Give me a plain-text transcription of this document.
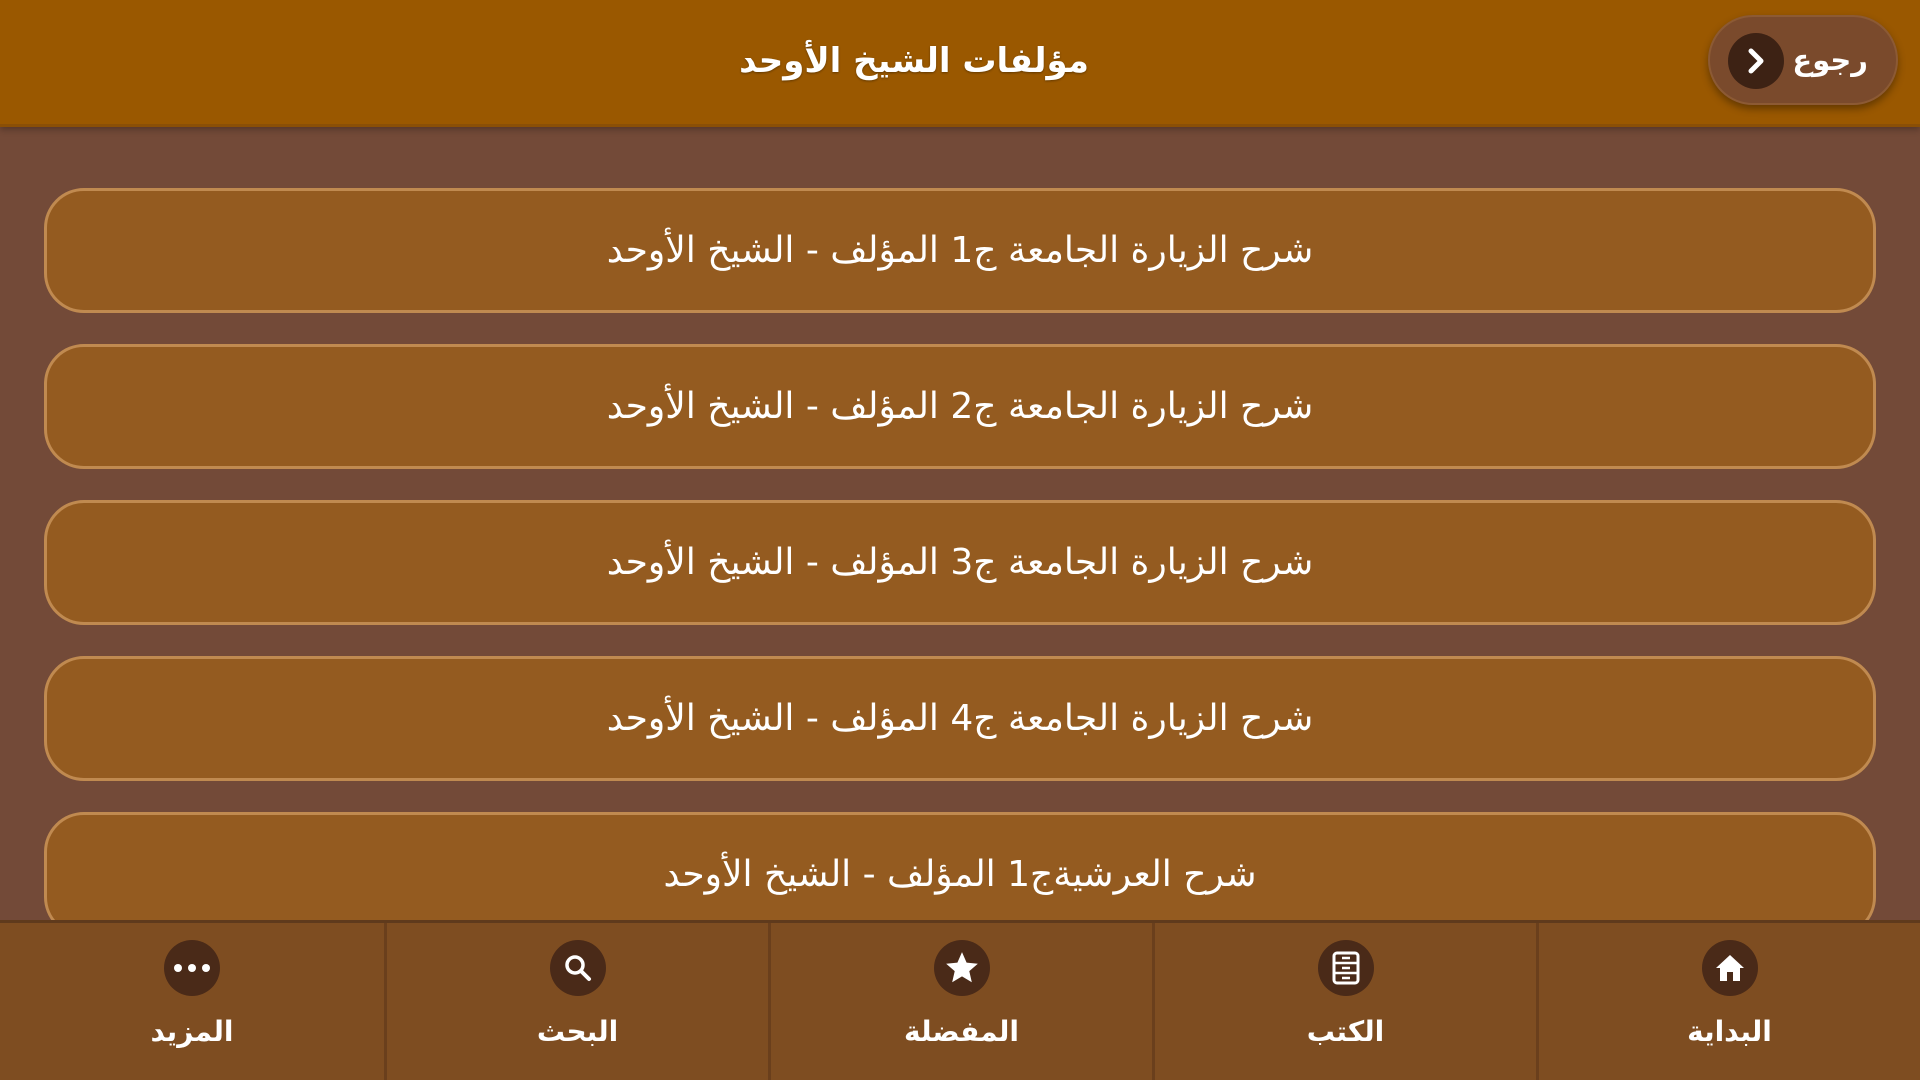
مؤلفات الشيخ الأوحد	رجوع
شرح الزيارة الجامعة ج1 المؤلف - الشيخ الأوحد
شرح الزيارة الجامعة ج2 المؤلف - الشيخ الأوحد
شرح الزيارة الجامعة ج3 المؤلف - الشيخ الأوحد
شرح الزيارة الجامعة ج4 المؤلف - الشيخ الأوحد
شرح العرشيةج1 المؤلف - الشيخ الأوحد
المزيد	البحث	المفضلة	الكتب	البداية
